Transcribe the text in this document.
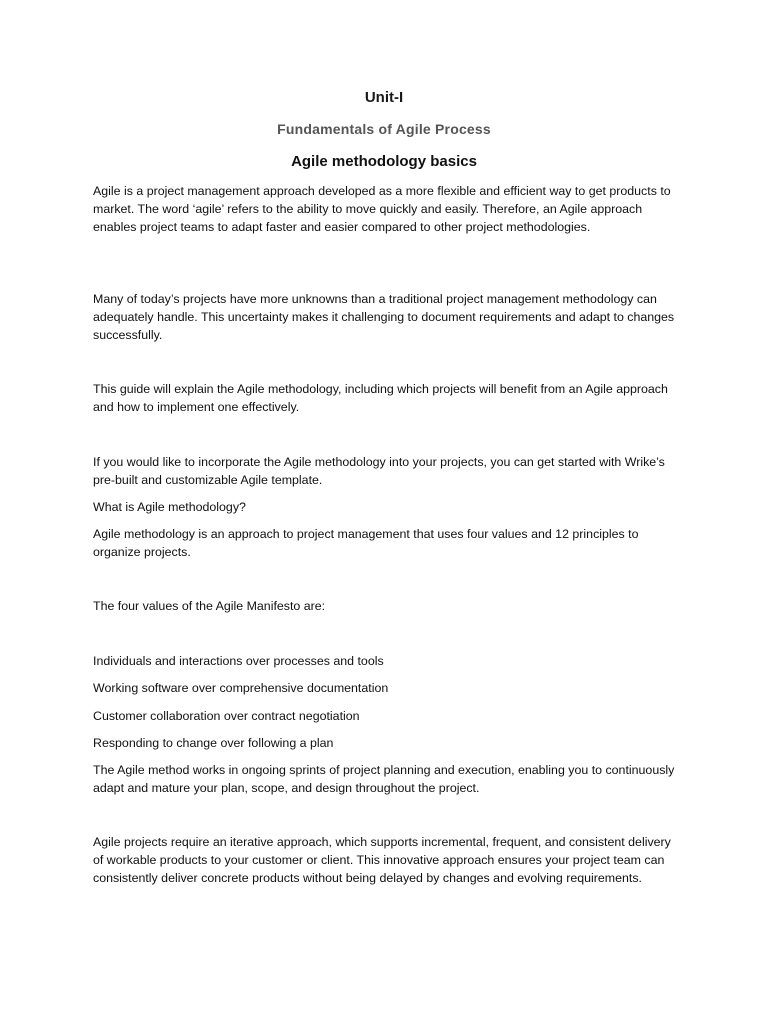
Unit-I
Fundamentals of Agile Process
Agile methodology basics

Agile is a project management approach developed as a more flexible and efficient way to get products to market. The word ‘agile’ refers to the ability to move quickly and easily. Therefore, an Agile approach enables project teams to adapt faster and easier compared to other project methodologies.

Many of today’s projects have more unknowns than a traditional project management methodology can adequately handle. This uncertainty makes it challenging to document requirements and adapt to changes successfully.

This guide will explain the Agile methodology, including which projects will benefit from an Agile approach and how to implement one effectively.

If you would like to incorporate the Agile methodology into your projects, you can get started with Wrike’s pre-built and customizable Agile template.

What is Agile methodology?

Agile methodology is an approach to project management that uses four values and 12 principles to organize projects.

The four values of the Agile Manifesto are:

Individuals and interactions over processes and tools

Working software over comprehensive documentation

Customer collaboration over contract negotiation

Responding to change over following a plan

The Agile method works in ongoing sprints of project planning and execution, enabling you to continuously adapt and mature your plan, scope, and design throughout the project.

Agile projects require an iterative approach, which supports incremental, frequent, and consistent delivery of workable products to your customer or client. This innovative approach ensures your project team can consistently deliver concrete products without being delayed by changes and evolving requirements.
